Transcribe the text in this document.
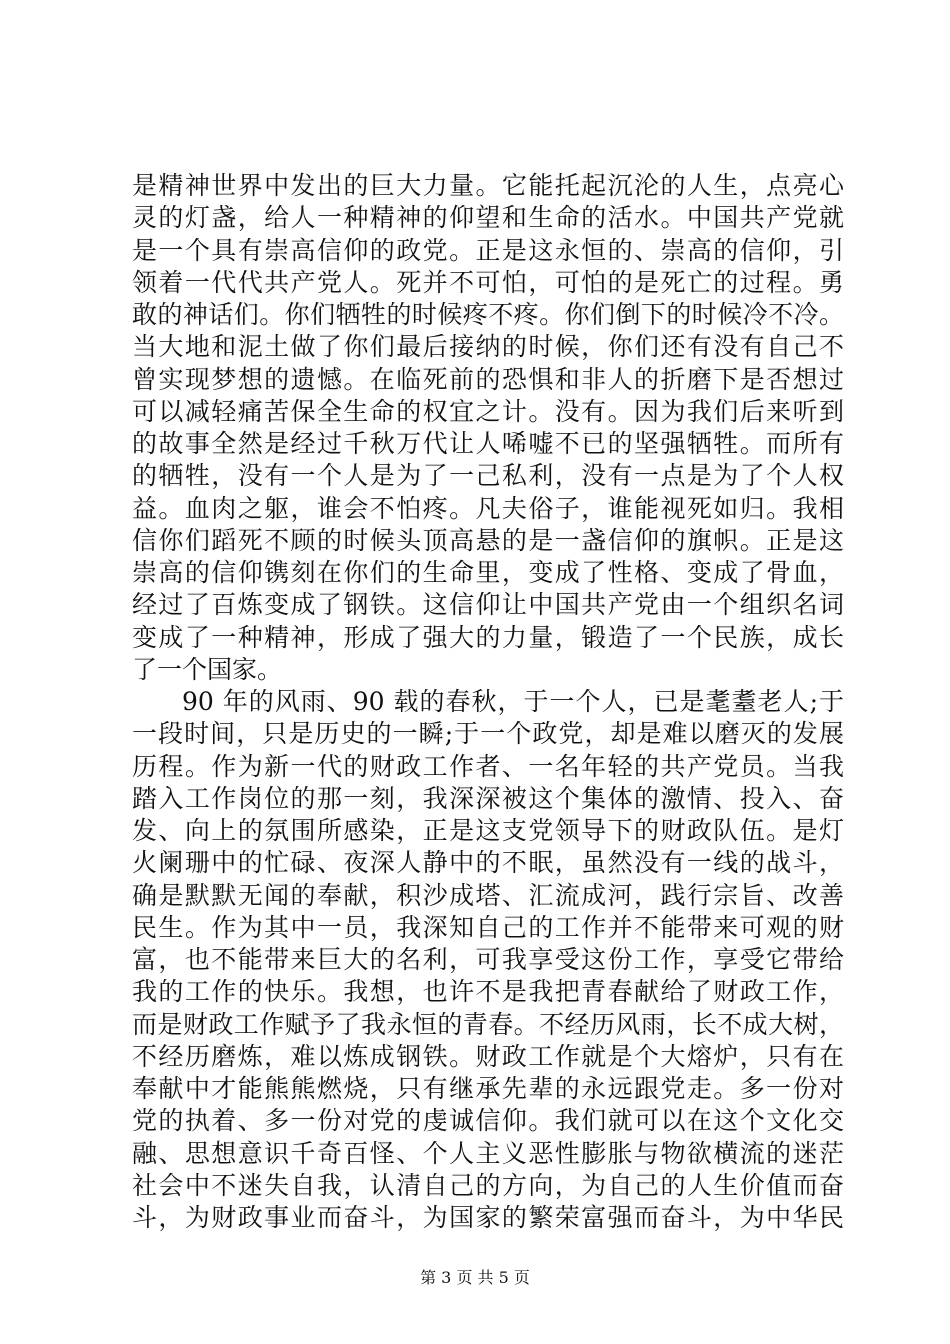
是精神世界中发出的巨大力量。它能托起沉沦的人生，点亮心
灵的灯盏，给人一种精神的仰望和生命的活水。中国共产党就
是一个具有崇高信仰的政党。正是这永恒的、崇高的信仰，引
领着一代代共产党人。死并不可怕，可怕的是死亡的过程。勇
敢的神话们。你们牺牲的时候疼不疼。你们倒下的时候冷不冷。
当大地和泥土做了你们最后接纳的时候，你们还有没有自己不
曾实现梦想的遗憾。在临死前的恐惧和非人的折磨下是否想过
可以减轻痛苦保全生命的权宜之计。没有。因为我们后来听到
的故事全然是经过千秋万代让人唏嘘不已的坚强牺牲。而所有
的牺牲，没有一个人是为了一己私利，没有一点是为了个人权
益。血肉之躯，谁会不怕疼。凡夫俗子，谁能视死如归。我相
信你们蹈死不顾的时候头顶高悬的是一盏信仰的旗帜。正是这
崇高的信仰镌刻在你们的生命里，变成了性格、变成了骨血，
经过了百炼变成了钢铁。这信仰让中国共产党由一个组织名词
变成了一种精神，形成了强大的力量，锻造了一个民族，成长
了一个国家。
90 年的风雨、90 载的春秋，于一个人，已是耄耋老人;于
一段时间，只是历史的一瞬;于一个政党，却是难以磨灭的发展
历程。作为新一代的财政工作者、一名年轻的共产党员。当我
踏入工作岗位的那一刻，我深深被这个集体的激情、投入、奋
发、向上的氛围所感染，正是这支党领导下的财政队伍。是灯
火阑珊中的忙碌、夜深人静中的不眠，虽然没有一线的战斗，
确是默默无闻的奉献，积沙成塔、汇流成河，践行宗旨、改善
民生。作为其中一员，我深知自己的工作并不能带来可观的财
富，也不能带来巨大的名利，可我享受这份工作，享受它带给
我的工作的快乐。我想，也许不是我把青春献给了财政工作，
而是财政工作赋予了我永恒的青春。不经历风雨，长不成大树，
不经历磨炼，难以炼成钢铁。财政工作就是个大熔炉，只有在
奉献中才能熊熊燃烧，只有继承先辈的永远跟党走。多一份对
党的执着、多一份对党的虔诚信仰。我们就可以在这个文化交
融、思想意识千奇百怪、个人主义恶性膨胀与物欲横流的迷茫
社会中不迷失自我，认清自己的方向，为自己的人生价值而奋
斗，为财政事业而奋斗，为国家的繁荣富强而奋斗，为中华民
第 3 页 共 5 页
